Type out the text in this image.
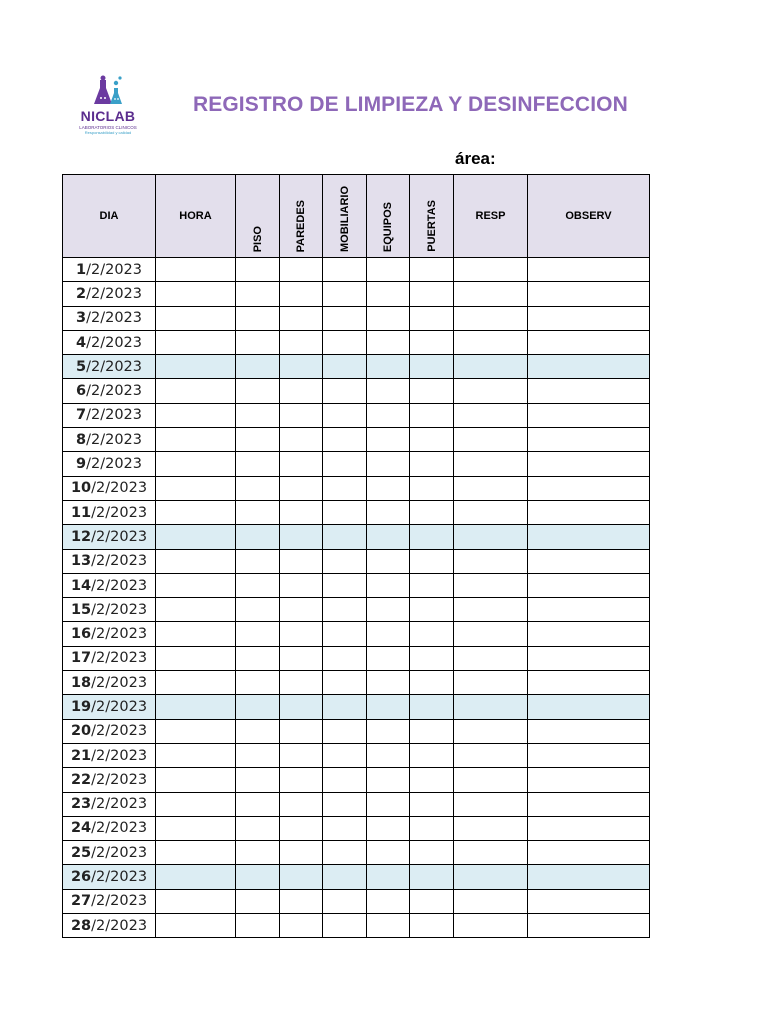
NICLAB
LABORATORIOS CLINICOS
Responsabilidad y calidad
REGISTRO DE LIMPIEZA Y DESINFECCION
área:
DIA	HORA	PISO	PAREDES	MOBILIARIO	EQUIPOS	PUERTAS	RESP	OBSERV
1/2/2023								
2/2/2023								
3/2/2023								
4/2/2023								
5/2/2023								
6/2/2023								
7/2/2023								
8/2/2023								
9/2/2023								
10/2/2023								
11/2/2023								
12/2/2023								
13/2/2023								
14/2/2023								
15/2/2023								
16/2/2023								
17/2/2023								
18/2/2023								
19/2/2023								
20/2/2023								
21/2/2023								
22/2/2023								
23/2/2023								
24/2/2023								
25/2/2023								
26/2/2023								
27/2/2023								
28/2/2023								
